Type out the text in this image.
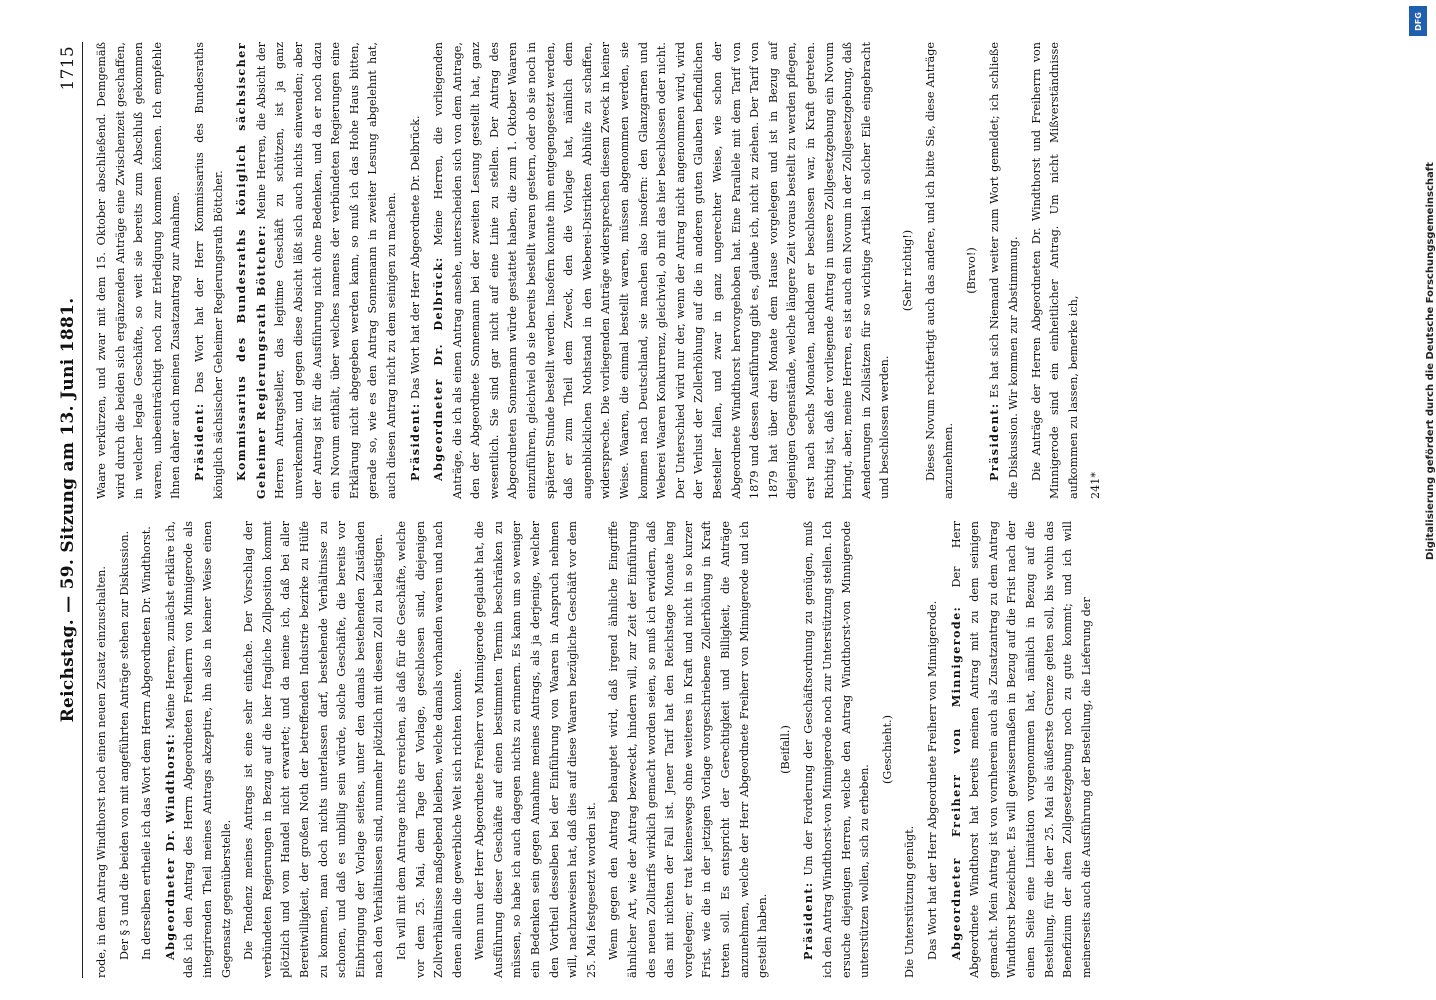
Reichstag. — 59. Sitzung am 13. Juni 1881.
1715

rode, in dem Antrag Windthorst noch einen neuen Zusatz einzuschalten. Der § 3 und die beiden von mit angeführten Anträge stehen zur Diskussion. In derselben ertheile ich das Wort dem Herrn Abgeordneten Dr. Windthorst. Abgeordneter Dr. Windthorst: Meine Herren, zunächst erkläre ich, daß ich den Antrag des Herrn Abgeordneten Freiherrn von Minnigerode als integrirenden Theil meines Antrags akzeptire, ihn also in keiner Weise einen Gegensatz gegenüberstelle. Die Tendenz meines Antrags ist eine sehr einfache. Der Vorschlag der verbündeten Regierungen in Bezug auf die hier fragliche Zollposition kommt plötzlich und vom Handel nicht erwartet; und da meine ich, daß bei aller Bereitwilligkeit, der großen Noth der betreffenden Industrie bezirke zu Hülfe zu kommen, man doch nichts unterlassen darf, bestehende Verhältnisse zu schonen, und daß es unbillig sein würde, solche Geschäfte, die bereits vor Einbringung der Vorlage seitens, unter den damals bestehenden Zuständen nach den Verhältnissen sind, nunmehr plötzlich mit diesem Zoll zu belästigen. Ich will mit dem Antrage nichts erreichen, als daß für die Geschäfte, welche vor dem 25. Mai, dem Tage der Vorlage, geschlossen sind, diejenigen Zollverhältnisse maßgebend bleiben, welche damals vorhanden waren und nach denen allein die gewerbliche Welt sich richten konnte. Wenn nun der Herr Abgeordnete Freiherr von Minnigerode geglaubt hat, die Ausführung dieser Geschäfte auf einen bestimmten Termin beschränken zu müssen, so habe ich auch dagegen nichts zu erinnern. Es kann um so weniger ein Bedenken sein gegen Annahme meines Antrags, als ja derjenige, welcher den Vortheil desselben bei der Einführung von Waaren in Anspruch nehmen will, nachzuweisen hat, daß dies auf diese Waaren bezügliche Geschäft vor dem 25. Mai festgesetzt worden ist. Wenn gegen den Antrag behauptet wird, daß irgend ähnliche Eingriffe ähnlicher Art, wie der Antrag bezweckt, hindern will, zur Zeit der Einführung des neuen Zolltarifs wirklich gemacht worden seien, so muß ich erwidern, daß das mit nichten der Fall ist. Jener Tarif hat den Reichstage Monate lang vorgelegen; er trat keineswegs ohne weiteres in Kraft und nicht in so kurzer Frist, wie die in der jetzigen Vorlage vorgeschriebene Zollerhöhung in Kraft treten soll. Es entspricht der Gerechtigkeit und Billigkeit, die Anträge anzunehmen, welche der Herr Abgeordnete Freiherr von Minnigerode und ich gestellt haben.

(Beifall.)

Präsident: Um der Forderung der Geschäftsordnung zu genügen, muß ich den Antrag Windthorst-von Minnigerode noch zur Unterstützung stellen. Ich ersuche diejenigen Herren, welche den Antrag Windthorst-von Minnigerode unterstützen wollen, sich zu erheben.

(Geschieht.)

Die Unterstützung genügt. Das Wort hat der Herr Abgeordnete Freiherr von Minnigerode. Abgeordneter Freiherr von Minnigerode: Der Herr Abgeordnete Windthorst hat bereits meinen Antrag mit zu dem seinigen gemacht. Mein Antrag ist von vornherein auch als Zusatzantrag zu dem Antrag Windthorst bezeichnet. Es will gewissermaßen in Bezug auf die Frist nach der einen Seite eine Limitation vorgenommen hat, nämlich in Bezug auf die Bestellung, für die der 25. Mai als äußerste Grenze gelten soll, bis wohin das Benefizium der alten Zollgesetzgebung noch zu gute kommt; und ich will meinerseits auch die Ausführung der Bestellung, die Lieferung der

Waare verkürzen, und zwar mit dem 15. Oktober abschließend. Demgemäß wird durch die beiden sich ergänzenden Anträge eine Zwischenzeit geschaffen, in welcher legale Geschäfte, so weit sie bereits zum Abschluß gekommen waren, unbeeinträchtigt noch zur Erledigung kommen können. Ich empfehle Ihnen daher auch meinen Zusatzantrag zur Annahme. Präsident: Das Wort hat der Herr Kommissarius des Bundesraths königlich sächsischer Geheimer Regierungsrath Böttcher. Kommissarius des Bundesraths königlich sächsischer Geheimer Regierungsrath Böttcher: Meine Herren, die Absicht der Herren Antragsteller, das legitime Geschäft zu schützen, ist ja ganz unverkennbar, und gegen diese Absicht läßt sich auch nichts einwenden; aber der Antrag ist für die Ausführung nicht ohne Bedenken, und da er noch dazu ein Novum enthält, über welches namens der verbündeten Regierungen eine Erklärung nicht abgegeben werden kann, so muß ich das Hohe Haus bitten, gerade so, wie es den Antrag Sonnemann in zweiter Lesung abgelehnt hat, auch diesen Antrag nicht zu dem seinigen zu machen. Präsident: Das Wort hat der Herr Abgeordnete Dr. Delbrück. Abgeordneter Dr. Delbrück: Meine Herren, die vorliegenden Anträge, die ich als einen Antrag ansehe, unterscheiden sich von dem Antrage, den der Abgeordnete Sonnemann bei der zweiten Lesung gestellt hat, ganz wesentlich. Sie sind gar nicht auf eine Linie zu stellen. Der Antrag des Abgeordneten Sonnemann würde gestattet haben, die zum 1. Oktober Waaren einzuführen, gleichviel ob sie bereits bestellt waren gestern, oder ob sie noch in späterer Stunde bestellt werden. Insofern konnte ihm entgegengesetzt werden, daß er zum Theil dem Zweck, den die Vorlage hat, nämlich dem augenblicklichen Nothstand in den Weberei-Distrikten Abhülfe zu schaffen, widerspreche. Die vorliegenden Anträge widersprechen diesem Zweck in keiner Weise. Waaren, die einmal bestellt waren, müssen abgenommen werden, sie kommen nach Deutschland, sie machen also insofern: den Glanzgarnen und Weberei Waaren Konkurrenz, gleichviel, ob mit das hier beschlossen oder nicht. Der Unterschied wird nur der, wenn der Antrag nicht angenommen wird, wird der Verlust der Zollerhöhung auf die in anderen guten Glauben befindlichen Besteller fallen, und zwar in ganz ungerechter Weise, wie schon der Abgeordnete Windthorst hervorgehoben hat. Eine Parallele mit dem Tarif von 1879 und dessen Ausführung gibt es, glaube ich, nicht zu ziehen. Der Tarif von 1879 hat über drei Monate dem Hause vorgelegen und ist in Bezug auf diejenigen Gegenstände, welche längere Zeit voraus bestellt zu werden pflegen, erst nach sechs Monaten, nachdem er beschlossen war, in Kraft getreten. Richtig ist, daß der vorliegende Antrag in unsere Zollgesetzgebung ein Novum bringt, aber, meine Herren, es ist auch ein Novum in der Zollgesetzgebung, daß Aenderungen in Zollsätzen für so wichtige Artikel in solcher Eile eingebracht und beschlossen werden.

(Sehr richtig!) Dieses Novum rechtfertigt auch das andere, und ich bitte Sie, diese Anträge anzunehmen.

(Bravo!)

Präsident: Es hat sich Niemand weiter zum Wort gemeldet; ich schließe die Diskussion. Wir kommen zur Abstimmung. Die Anträge der Herren Abgeordneten Dr. Windthorst und Freiherrn von Minnigerode sind ein einheitlicher Antrag. Um nicht Mißverständnisse aufkommen zu lassen, bemerke ich, 241*	Digitalisierung gefördert durch die Deutsche Forschungsgemeinschaft
DFG
